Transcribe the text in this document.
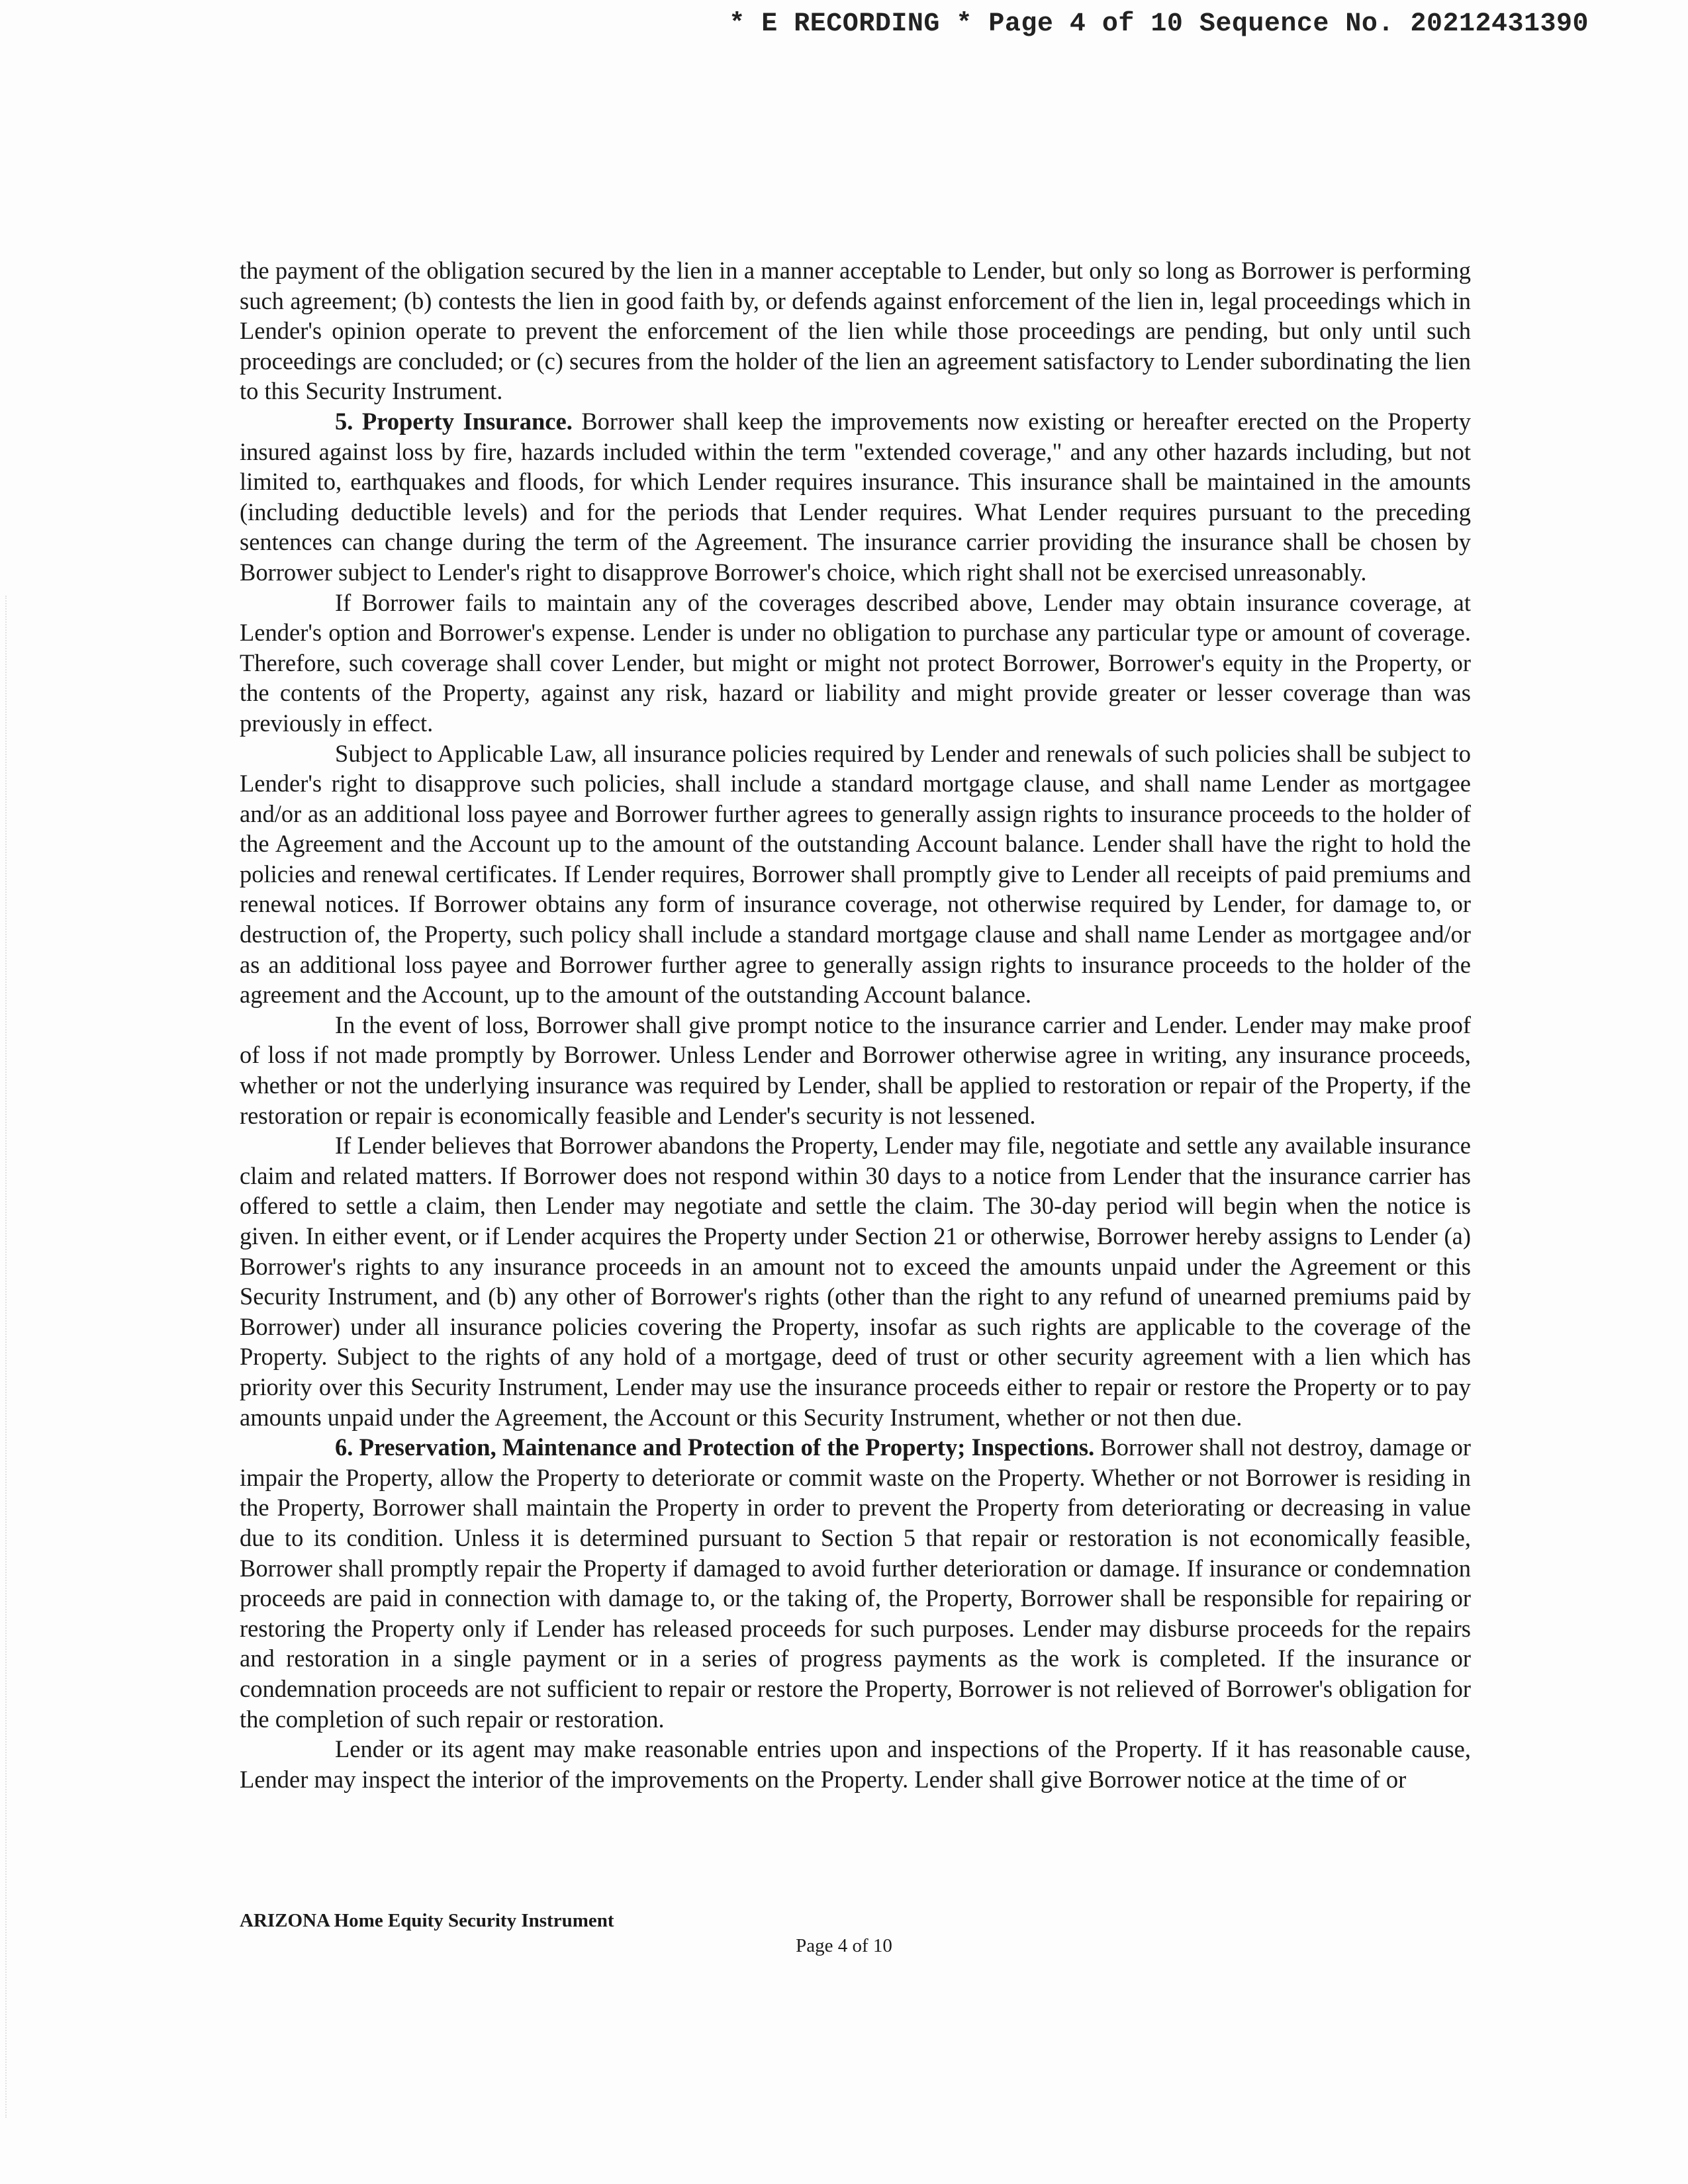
* E RECORDING * Page 4 of 10 Sequence No. 20212431390

the payment of the obligation secured by the lien in a manner acceptable to Lender, but only so long as Borrower is performing such agreement; (b) contests the lien in good faith by, or defends against enforcement of the lien in, legal proceedings which in Lender's opinion operate to prevent the enforcement of the lien while those proceedings are pending, but only until such proceedings are concluded; or (c) secures from the holder of the lien an agreement satisfactory to Lender subordinating the lien to this Security Instrument.

5. Property Insurance. Borrower shall keep the improvements now existing or hereafter erected on the Property insured against loss by fire, hazards included within the term "extended coverage," and any other hazards including, but not limited to, earthquakes and floods, for which Lender requires insurance. This insurance shall be maintained in the amounts (including deductible levels) and for the periods that Lender requires. What Lender requires pursuant to the preceding sentences can change during the term of the Agreement. The insurance carrier providing the insurance shall be chosen by Borrower subject to Lender's right to disapprove Borrower's choice, which right shall not be exercised unreasonably.

If Borrower fails to maintain any of the coverages described above, Lender may obtain insurance coverage, at Lender's option and Borrower's expense. Lender is under no obligation to purchase any particular type or amount of coverage. Therefore, such coverage shall cover Lender, but might or might not protect Borrower, Borrower's equity in the Property, or the contents of the Property, against any risk, hazard or liability and might provide greater or lesser coverage than was previously in effect.

Subject to Applicable Law, all insurance policies required by Lender and renewals of such policies shall be subject to Lender's right to disapprove such policies, shall include a standard mortgage clause, and shall name Lender as mortgagee and/or as an additional loss payee and Borrower further agrees to generally assign rights to insurance proceeds to the holder of the Agreement and the Account up to the amount of the outstanding Account balance. Lender shall have the right to hold the policies and renewal certificates. If Lender requires, Borrower shall promptly give to Lender all receipts of paid premiums and renewal notices. If Borrower obtains any form of insurance coverage, not otherwise required by Lender, for damage to, or destruction of, the Property, such policy shall include a standard mortgage clause and shall name Lender as mortgagee and/or as an additional loss payee and Borrower further agree to generally assign rights to insurance proceeds to the holder of the agreement and the Account, up to the amount of the outstanding Account balance.

In the event of loss, Borrower shall give prompt notice to the insurance carrier and Lender. Lender may make proof of loss if not made promptly by Borrower. Unless Lender and Borrower otherwise agree in writing, any insurance proceeds, whether or not the underlying insurance was required by Lender, shall be applied to restoration or repair of the Property, if the restoration or repair is economically feasible and Lender's security is not lessened.

If Lender believes that Borrower abandons the Property, Lender may file, negotiate and settle any available insurance claim and related matters. If Borrower does not respond within 30 days to a notice from Lender that the insurance carrier has offered to settle a claim, then Lender may negotiate and settle the claim. The 30-day period will begin when the notice is given. In either event, or if Lender acquires the Property under Section 21 or otherwise, Borrower hereby assigns to Lender (a) Borrower's rights to any insurance proceeds in an amount not to exceed the amounts unpaid under the Agreement or this Security Instrument, and (b) any other of Borrower's rights (other than the right to any refund of unearned premiums paid by Borrower) under all insurance policies covering the Property, insofar as such rights are applicable to the coverage of the Property. Subject to the rights of any hold of a mortgage, deed of trust or other security agreement with a lien which has priority over this Security Instrument, Lender may use the insurance proceeds either to repair or restore the Property or to pay amounts unpaid under the Agreement, the Account or this Security Instrument, whether or not then due.

6. Preservation, Maintenance and Protection of the Property; Inspections. Borrower shall not destroy, damage or impair the Property, allow the Property to deteriorate or commit waste on the Property. Whether or not Borrower is residing in the Property, Borrower shall maintain the Property in order to prevent the Property from deteriorating or decreasing in value due to its condition. Unless it is determined pursuant to Section 5 that repair or restoration is not economically feasible, Borrower shall promptly repair the Property if damaged to avoid further deterioration or damage. If insurance or condemnation proceeds are paid in connection with damage to, or the taking of, the Property, Borrower shall be responsible for repairing or restoring the Property only if Lender has released proceeds for such purposes. Lender may disburse proceeds for the repairs and restoration in a single payment or in a series of progress payments as the work is completed. If the insurance or condemnation proceeds are not sufficient to repair or restore the Property, Borrower is not relieved of Borrower's obligation for the completion of such repair or restoration.

Lender or its agent may make reasonable entries upon and inspections of the Property. If it has reasonable cause, Lender may inspect the interior of the improvements on the Property. Lender shall give Borrower notice at the time of or

ARIZONA Home Equity Security Instrument
Page 4 of 10
